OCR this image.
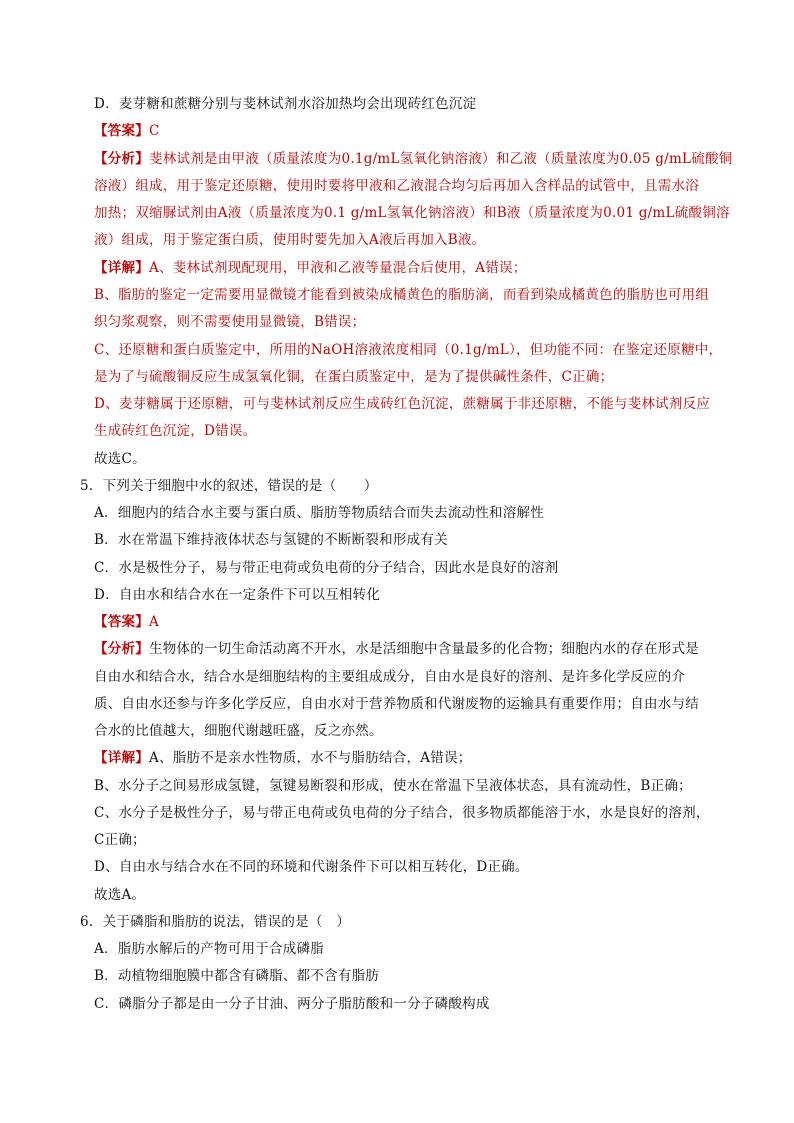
D．麦芽糖和蔗糖分别与斐林试剂水浴加热均会出现砖红色沉淀
【答案】C
【分析】斐林试剂是由甲液（质量浓度为0.1g/mL氢氧化钠溶液）和乙液（质量浓度为0.05 g/mL硫酸铜
溶液）组成，用于鉴定还原糖，使用时要将甲液和乙液混合均匀后再加入含样品的试管中，且需水浴
加热；双缩脲试剂由A液（质量浓度为0.1 g/mL氢氧化钠溶液）和B液（质量浓度为0.01 g/mL硫酸铜溶
液）组成，用于鉴定蛋白质，使用时要先加入A液后再加入B液。
【详解】A、斐林试剂现配现用，甲液和乙液等量混合后使用，A错误；
B、脂肪的鉴定一定需要用显微镜才能看到被染成橘黄色的脂肪滴，而看到染成橘黄色的脂肪也可用组
织匀浆观察，则不需要使用显微镜，B错误；
C、还原糖和蛋白质鉴定中，所用的NaOH溶液浓度相同（0.1g/mL），但功能不同：在鉴定还原糖中，
是为了与硫酸铜反应生成氢氧化铜，在蛋白质鉴定中，是为了提供碱性条件，C正确；
D、麦芽糖属于还原糖，可与斐林试剂反应生成砖红色沉淀，蔗糖属于非还原糖，不能与斐林试剂反应
生成砖红色沉淀，D错误。
故选C。
5．下列关于细胞中水的叙述，错误的是（　　）
A．细胞内的结合水主要与蛋白质、脂肪等物质结合而失去流动性和溶解性
B．水在常温下维持液体状态与氢键的不断断裂和形成有关
C．水是极性分子，易与带正电荷或负电荷的分子结合，因此水是良好的溶剂
D．自由水和结合水在一定条件下可以互相转化
【答案】A
【分析】生物体的一切生命活动离不开水，水是活细胞中含量最多的化合物；细胞内水的存在形式是
自由水和结合水，结合水是细胞结构的主要组成成分，自由水是良好的溶剂、是许多化学反应的介
质、自由水还参与许多化学反应，自由水对于营养物质和代谢废物的运输具有重要作用；自由水与结
合水的比值越大，细胞代谢越旺盛，反之亦然。
【详解】A、脂肪不是亲水性物质，水不与脂肪结合，A错误；
B、水分子之间易形成氢键，氢键易断裂和形成，使水在常温下呈液体状态，具有流动性，B正确；
C、水分子是极性分子，易与带正电荷或负电荷的分子结合，很多物质都能溶于水，水是良好的溶剂，
C正确；
D、自由水与结合水在不同的环境和代谢条件下可以相互转化，D正确。
故选A。
6．关于磷脂和脂肪的说法，错误的是（　）
A．脂肪水解后的产物可用于合成磷脂
B．动植物细胞膜中都含有磷脂、都不含有脂肪
C．磷脂分子都是由一分子甘油、两分子脂肪酸和一分子磷酸构成
